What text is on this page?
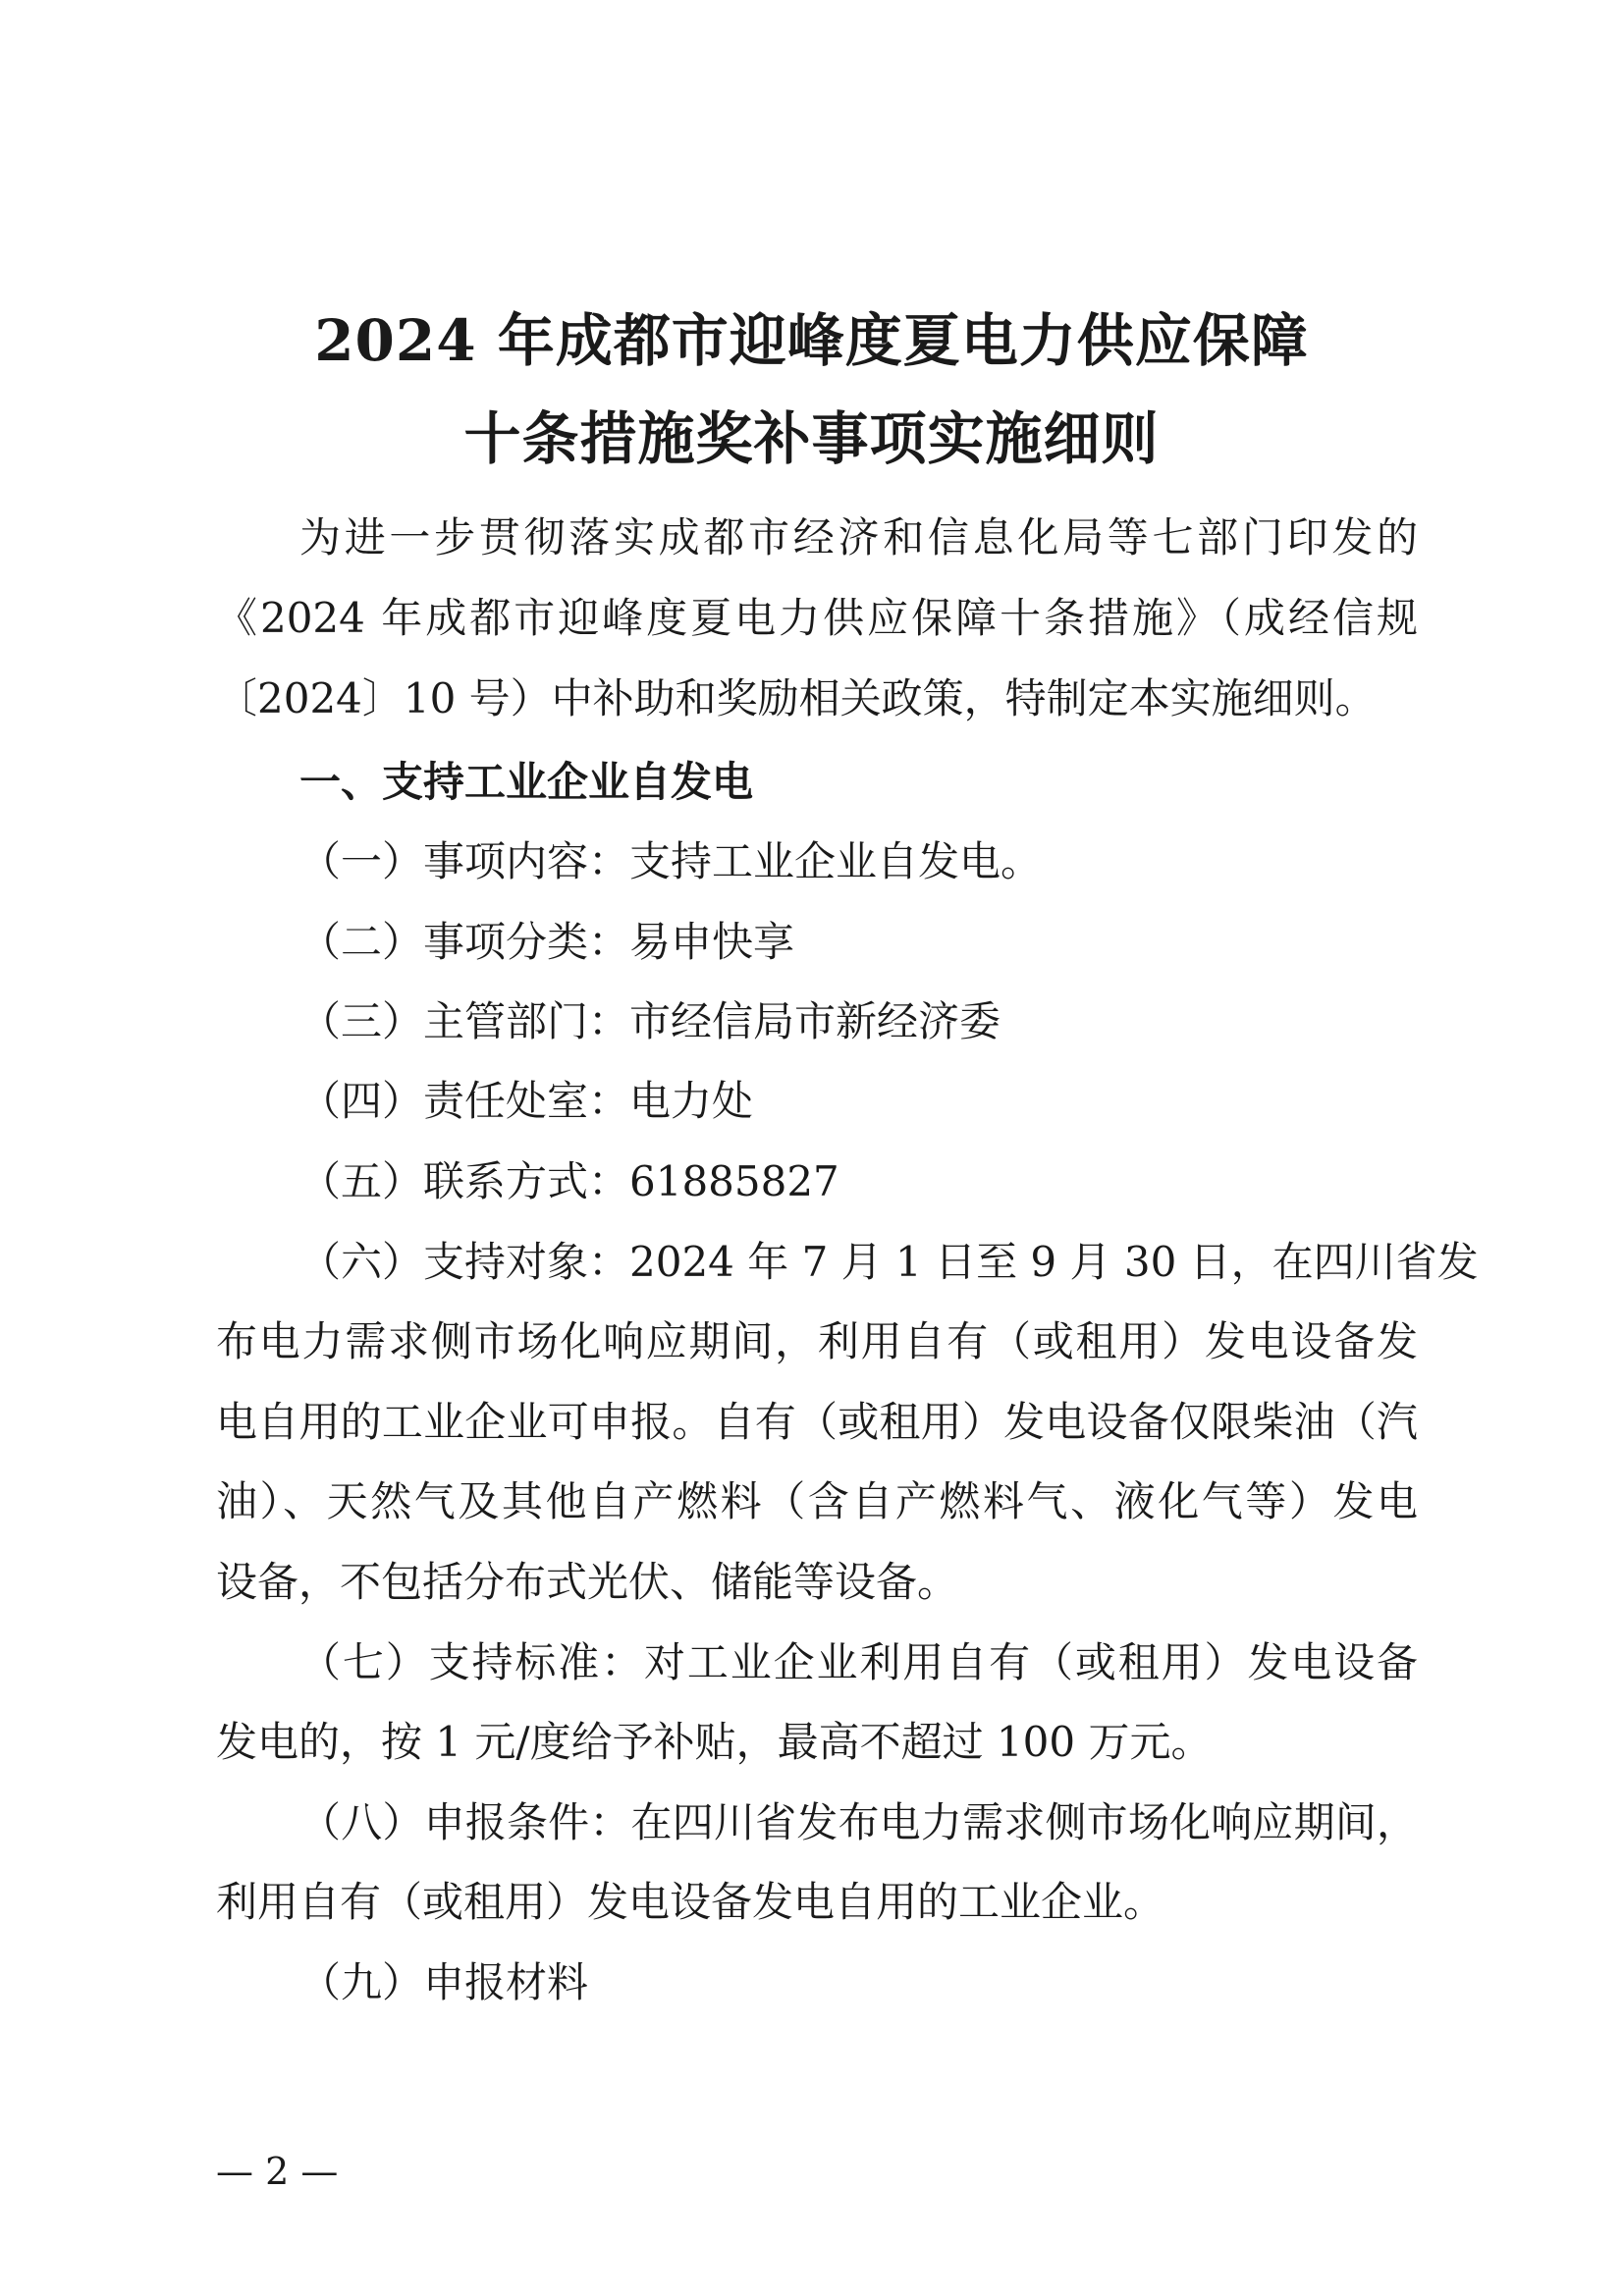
2024 年成都市迎峰度夏电力供应保障
十条措施奖补事项实施细则
为进一步贯彻落实成都市经济和信息化局等七部门印发的
《2024 年成都市迎峰度夏电力供应保障十条措施》（成经信规
〔2024〕10 号）中补助和奖励相关政策，特制定本实施细则。
一、支持工业企业自发电
（一）事项内容：支持工业企业自发电。
（二）事项分类：易申快享
（三）主管部门：市经信局市新经济委
（四）责任处室：电力处
（五）联系方式：61885827
（六）支持对象：2024 年 7 月 1 日至 9 月 30 日，在四川省发
布电力需求侧市场化响应期间，利用自有（或租用）发电设备发
电自用的工业企业可申报。自有（或租用）发电设备仅限柴油（汽
油）、天然气及其他自产燃料（含自产燃料气、液化气等）发电
设备，不包括分布式光伏、储能等设备。
（七）支持标准：对工业企业利用自有（或租用）发电设备
发电的，按 1 元/度给予补贴，最高不超过 100 万元。
（八）申报条件：在四川省发布电力需求侧市场化响应期间，
利用自有（或租用）发电设备发电自用的工业企业。
（九）申报材料
— 2 —
